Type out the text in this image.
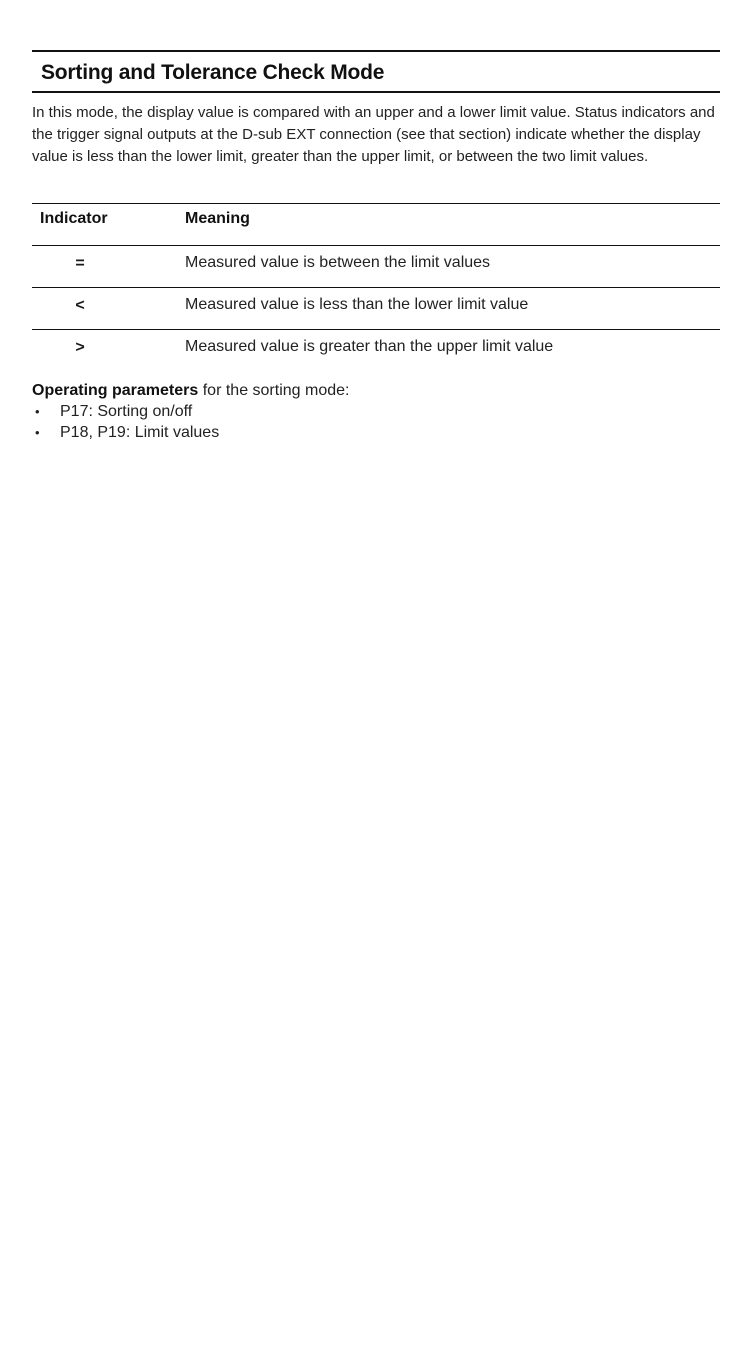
Sorting and Tolerance Check Mode

In this mode, the display value is compared with an upper and a lower limit value. Status indicators and the trigger signal outputs at the D-sub EXT connection (see that section) indicate whether the display value is less than the lower limit, greater than the upper limit, or between the two limit values.

Indicator	Meaning
=	Measured value is between the limit values
<	Measured value is less than the lower limit value
>	Measured value is greater than the upper limit value
Operating parameters for the sorting mode:
• P17: Sorting on/off
• P18, P19: Limit values
